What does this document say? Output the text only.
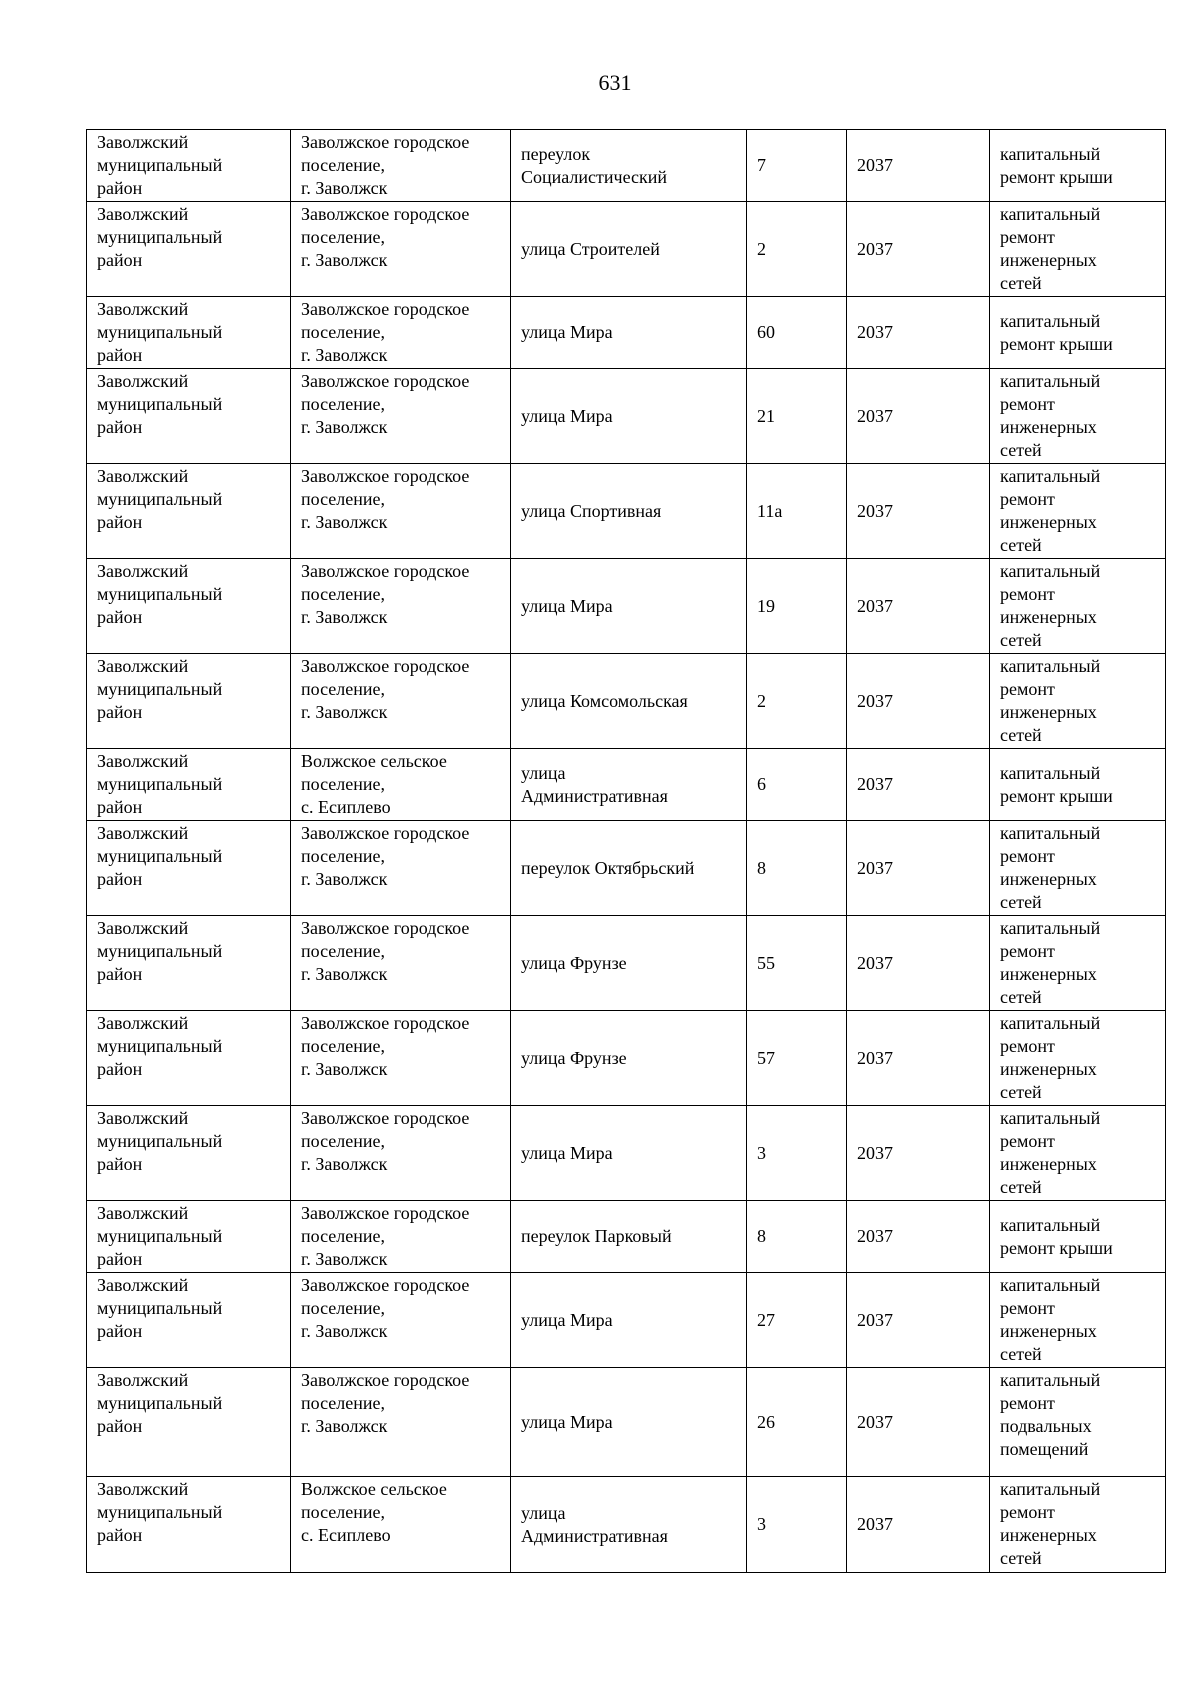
631
Заволжский
муниципальный
район	Заволжское городское
поселение,
г. Заволжск	переулок
Социалистический	7	2037	капитальный
ремонт крыши

Заволжский
муниципальный
район	Заволжское городское
поселение,
г. Заволжск	улица Строителей	2	2037	капитальный
ремонт
инженерных
сетей

Заволжский
муниципальный
район	Заволжское городское
поселение,
г. Заволжск	улица Мира	60	2037	капитальный
ремонт крыши

Заволжский
муниципальный
район	Заволжское городское
поселение,
г. Заволжск	улица Мира	21	2037	капитальный
ремонт
инженерных
сетей

Заволжский
муниципальный
район	Заволжское городское
поселение,
г. Заволжск	улица Спортивная	11а	2037	капитальный
ремонт
инженерных
сетей

Заволжский
муниципальный
район	Заволжское городское
поселение,
г. Заволжск	улица Мира	19	2037	капитальный
ремонт
инженерных
сетей

Заволжский
муниципальный
район	Заволжское городское
поселение,
г. Заволжск	улица Комсомольская	2	2037	капитальный
ремонт
инженерных
сетей

Заволжский
муниципальный
район	Волжское сельское
поселение,
с. Есиплево	улица
Административная	6	2037	капитальный
ремонт крыши

Заволжский
муниципальный
район	Заволжское городское
поселение,
г. Заволжск	переулок Октябрьский	8	2037	капитальный
ремонт
инженерных
сетей

Заволжский
муниципальный
район	Заволжское городское
поселение,
г. Заволжск	улица Фрунзе	55	2037	капитальный
ремонт
инженерных
сетей

Заволжский
муниципальный
район	Заволжское городское
поселение,
г. Заволжск	улица Фрунзе	57	2037	капитальный
ремонт
инженерных
сетей

Заволжский
муниципальный
район	Заволжское городское
поселение,
г. Заволжск	улица Мира	3	2037	капитальный
ремонт
инженерных
сетей

Заволжский
муниципальный
район	Заволжское городское
поселение,
г. Заволжск	переулок Парковый	8	2037	капитальный
ремонт крыши

Заволжский
муниципальный
район	Заволжское городское
поселение,
г. Заволжск	улица Мира	27	2037	капитальный
ремонт
инженерных
сетей

Заволжский
муниципальный
район	Заволжское городское
поселение,
г. Заволжск	улица Мира	26	2037	капитальный
ремонт
подвальных
помещений

Заволжский
муниципальный
район	Волжское сельское
поселение,
с. Есиплево	улица
Административная	3	2037	капитальный
ремонт
инженерных
сетей
